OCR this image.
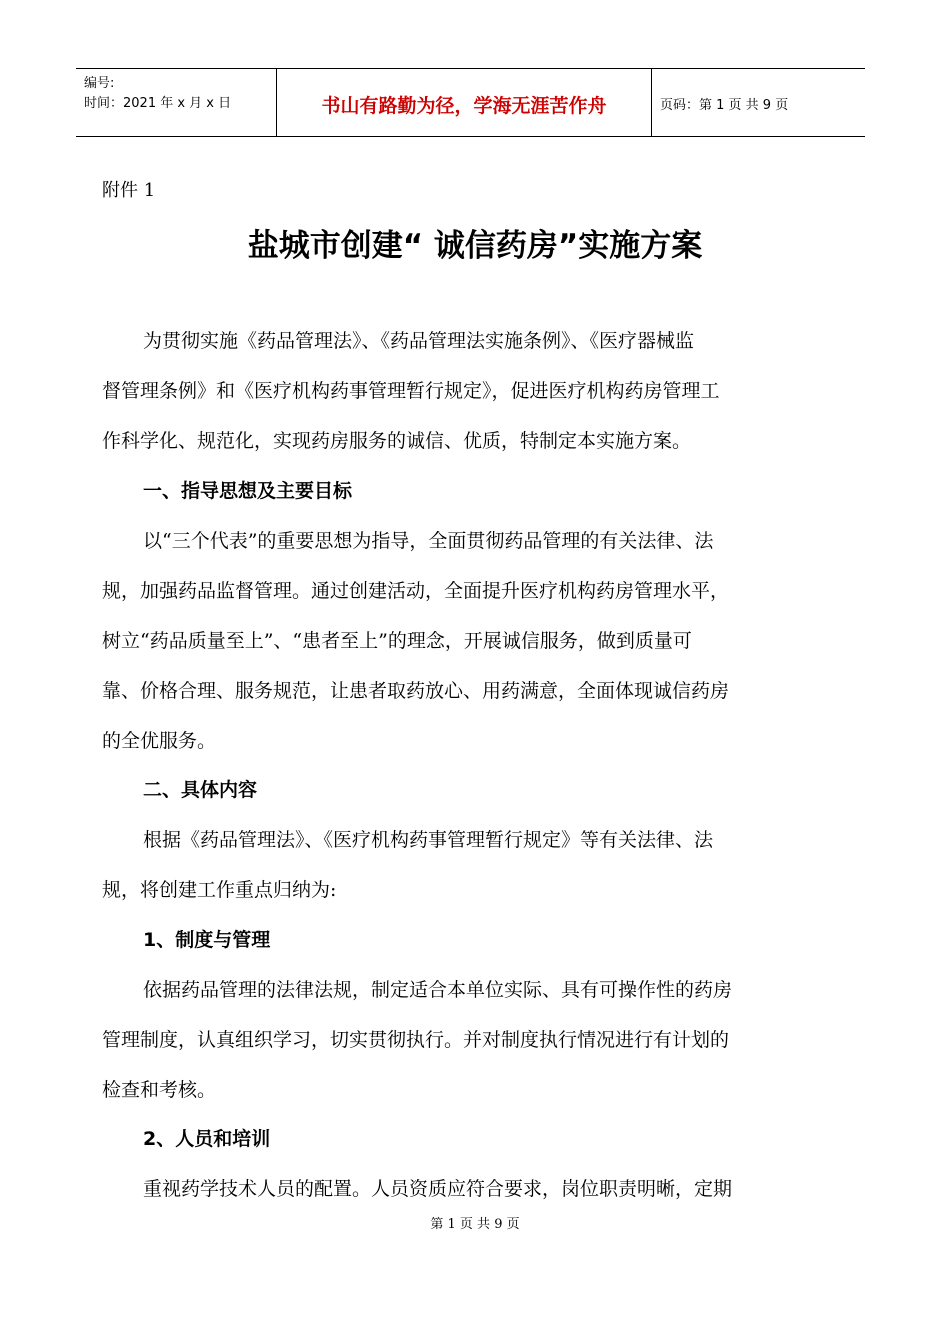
编号:
时间：2021 年 x 月 x 日	书山有路勤为径，学海无涯苦作舟	页码：第 1 页 共 9 页
附件 1
盐城市创建“ 诚信药房”实施方案
为贯彻实施《药品管理法》、《药品管理法实施条例》、《医疗器械监
督管理条例》和《医疗机构药事管理暂行规定》，促进医疗机构药房管理工
作科学化、规范化，实现药房服务的诚信、优质，特制定本实施方案。
一、指导思想及主要目标
以“三个代表”的重要思想为指导，全面贯彻药品管理的有关法律、法
规，加强药品监督管理。通过创建活动，全面提升医疗机构药房管理水平，
树立“药品质量至上”、“患者至上”的理念，开展诚信服务，做到质量可
靠、价格合理、服务规范，让患者取药放心、用药满意，全面体现诚信药房
的全优服务。
二、具体内容
根据《药品管理法》、《医疗机构药事管理暂行规定》等有关法律、法
规，将创建工作重点归纳为:
1、制度与管理
依据药品管理的法律法规，制定适合本单位实际、具有可操作性的药房
管理制度，认真组织学习，切实贯彻执行。并对制度执行情况进行有计划的
检查和考核。
2、人员和培训
重视药学技术人员的配置。人员资质应符合要求，岗位职责明晰，定期
第 1 页 共 9 页
